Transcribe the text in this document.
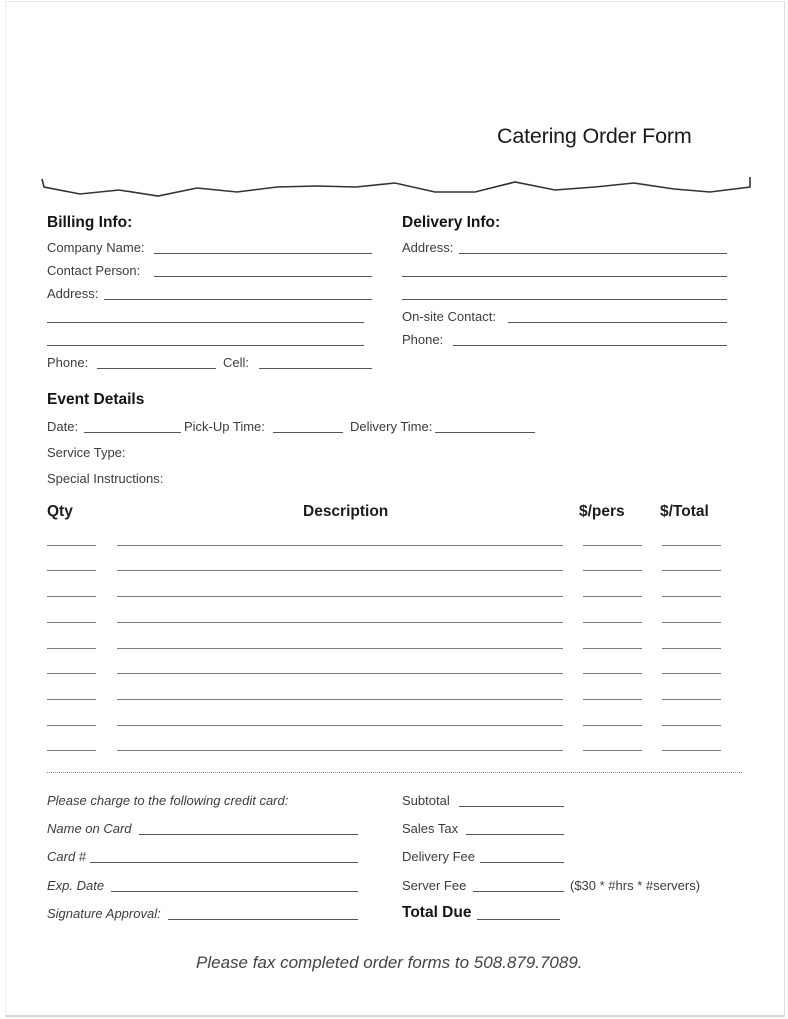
Catering Order Form
Billing Info:
Company Name:
Contact Person:
Address:
Phone:	Cell:
Delivery Info:
Address:
On-site Contact:
Phone:
Event Details
Date:	Pick-Up Time:	Delivery Time:
Service Type:
Special Instructions:
Qty	Description	$/pers $/Total
Please charge to the following credit card:
Name on Card
Card #
Exp. Date
Signature Approval:
Subtotal
Sales Tax
Delivery Fee
Server Fee	($30 * #hrs * #servers)
Total Due
Please fax completed order forms to 508.879.7089.
